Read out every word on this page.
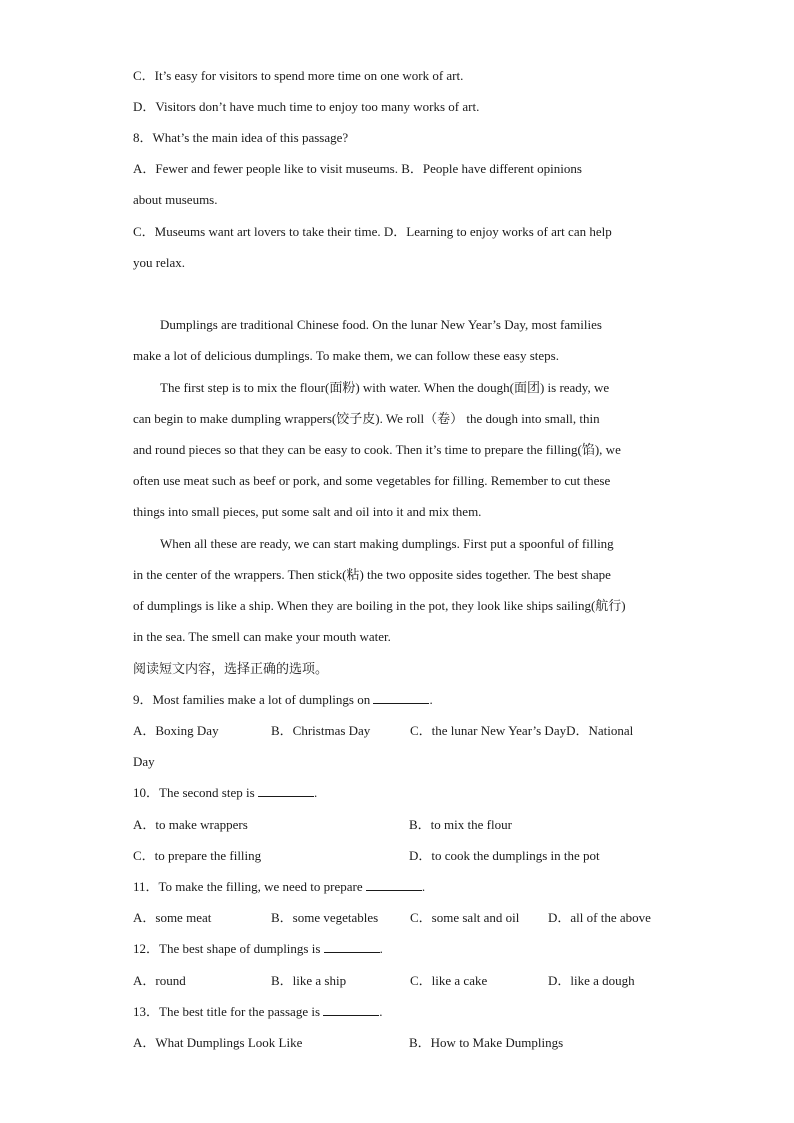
C．It’s easy for visitors to spend more time on one work of art.

D．Visitors don’t have much time to enjoy too many works of art.

8．What’s the main idea of this passage?

A．Fewer and fewer people like to visit museums. B．People have different opinions

about museums.

C．Museums want art lovers to take their time. D．Learning to enjoy works of art can help

you relax.

Dumplings are traditional Chinese food. On the lunar New Year’s Day, most families

make a lot of delicious dumplings. To make them, we can follow these easy steps.

The first step is to mix the flour(面粉) with water. When the dough(面团) is ready, we

can begin to make dumpling wrappers(饺子皮). We roll（卷） the dough into small, thin

and round pieces so that they can be easy to cook. Then it’s time to prepare the filling(馅), we

often use meat such as beef or pork, and some vegetables for filling. Remember to cut these

things into small pieces, put some salt and oil into it and mix them.

When all these are ready, we can start making dumplings. First put a spoonful of filling

in the center of the wrappers. Then stick(粘) the two opposite sides together. The best shape

of dumplings is like a ship. When they are boiling in the pot, they look like ships sailing(航行)

in the sea. The smell can make your mouth water.

阅读短文内容，选择正确的选项。

9．Most families make a lot of dumplings on	.

A．Boxing Day	B．Christmas Day	C．the lunar New Year’s DayD．National

Day

10．The second step is	.

A．to make wrappers	B．to mix the flour

C．to prepare the filling	D．to cook the dumplings in the pot

11．To make the filling, we need to prepare	.

A．some meat	B．some vegetables C．some salt and oil D．all of the above

12．The best shape of dumplings is	.

A．round	B．like a ship	C．like a cake	D．like a dough

13．The best title for the passage is	.

A．What Dumplings Look Like	B．How to Make Dumplings
